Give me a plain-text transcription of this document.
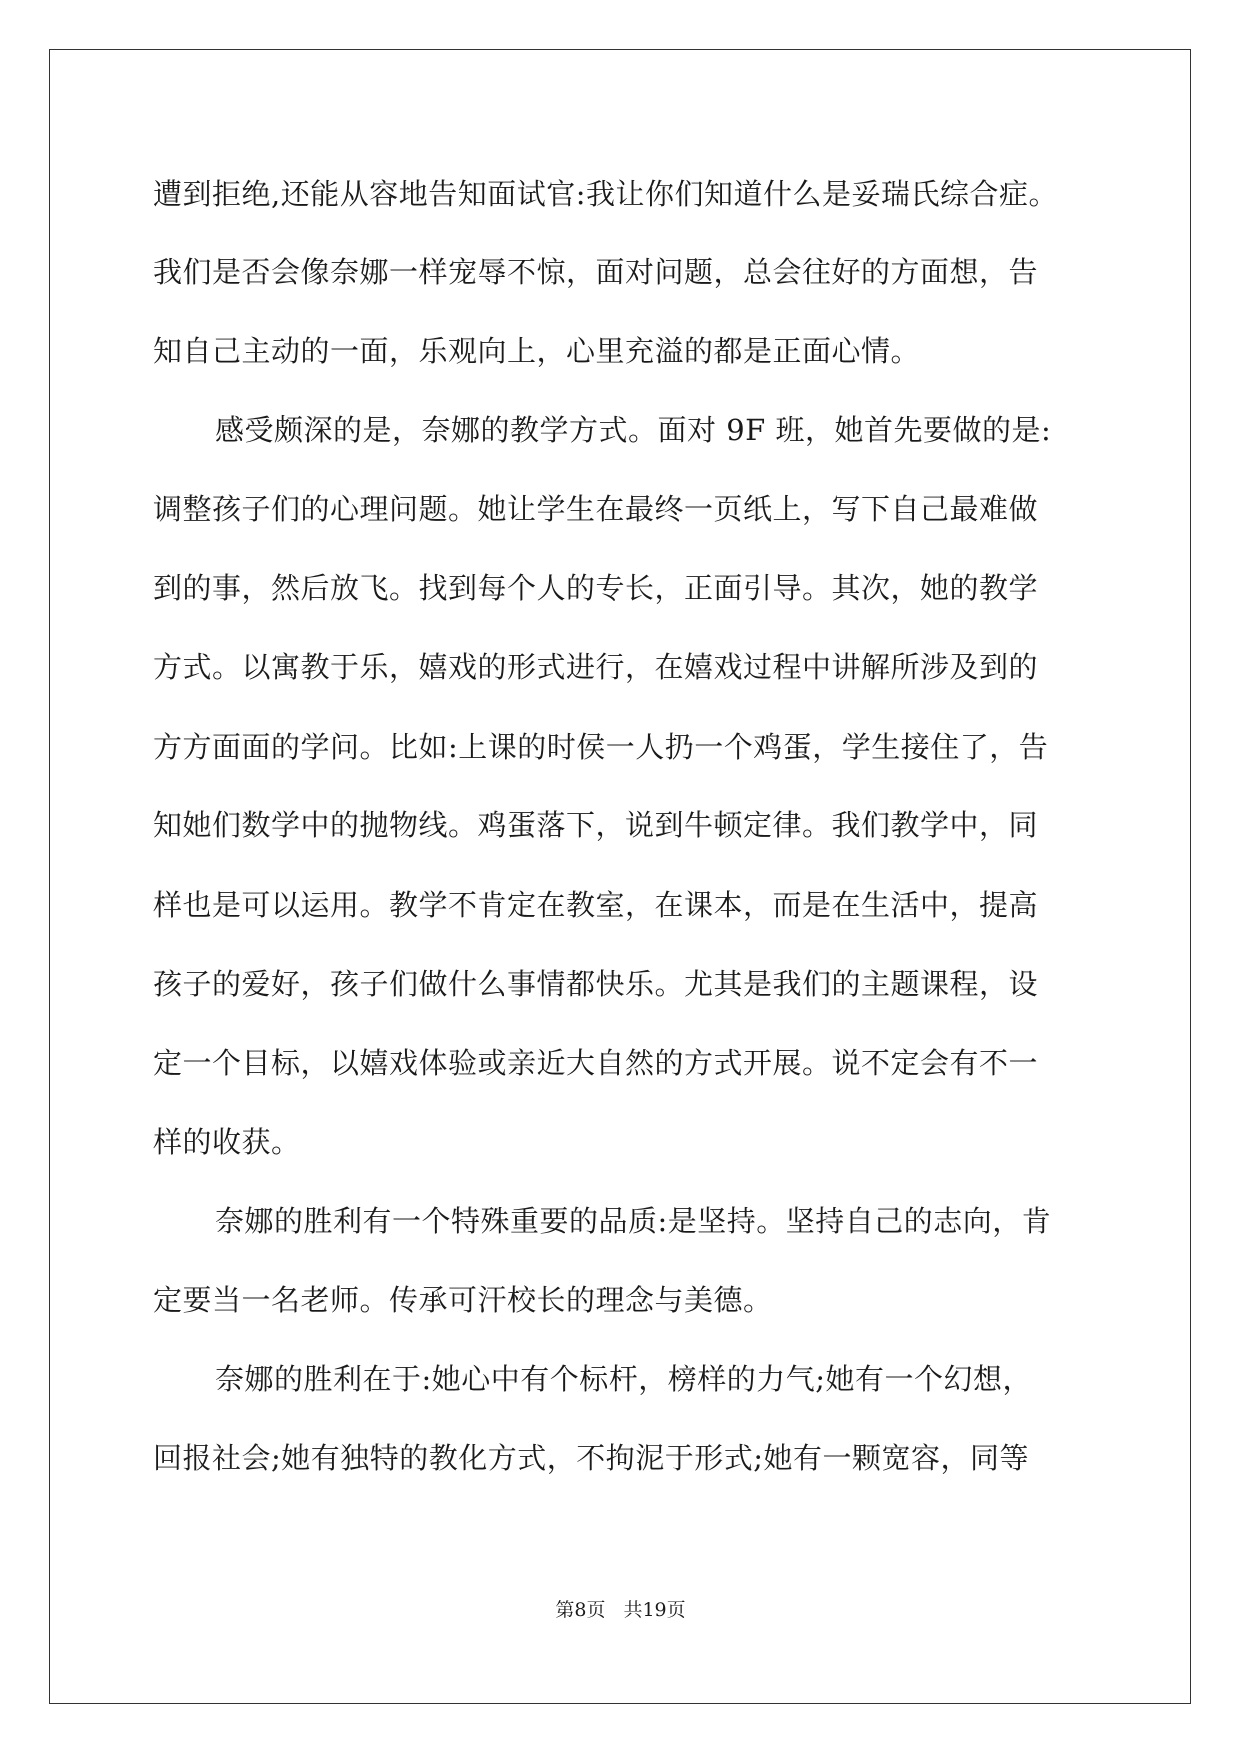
遭到拒绝,还能从容地告知面试官:我让你们知道什么是妥瑞氏综合症。
我们是否会像奈娜一样宠辱不惊，面对问题，总会往好的方面想，告
知自己主动的一面，乐观向上，心里充溢的都是正面心情。
感受颇深的是，奈娜的教学方式。面对 9F 班，她首先要做的是:
调整孩子们的心理问题。她让学生在最终一页纸上，写下自己最难做
到的事，然后放飞。找到每个人的专长，正面引导。其次，她的教学
方式。以寓教于乐，嬉戏的形式进行，在嬉戏过程中讲解所涉及到的
方方面面的学问。比如:上课的时侯一人扔一个鸡蛋，学生接住了，告
知她们数学中的抛物线。鸡蛋落下，说到牛顿定律。我们教学中，同
样也是可以运用。教学不肯定在教室，在课本，而是在生活中，提高
孩子的爱好，孩子们做什么事情都快乐。尤其是我们的主题课程，设
定一个目标，以嬉戏体验或亲近大自然的方式开展。说不定会有不一
样的收获。
奈娜的胜利有一个特殊重要的品质:是坚持。坚持自己的志向，肯
定要当一名老师。传承可汗校长的理念与美德。
奈娜的胜利在于:她心中有个标杆，榜样的力气;她有一个幻想，
回报社会;她有独特的教化方式，不拘泥于形式;她有一颗宽容，同等
第8页 共19页
